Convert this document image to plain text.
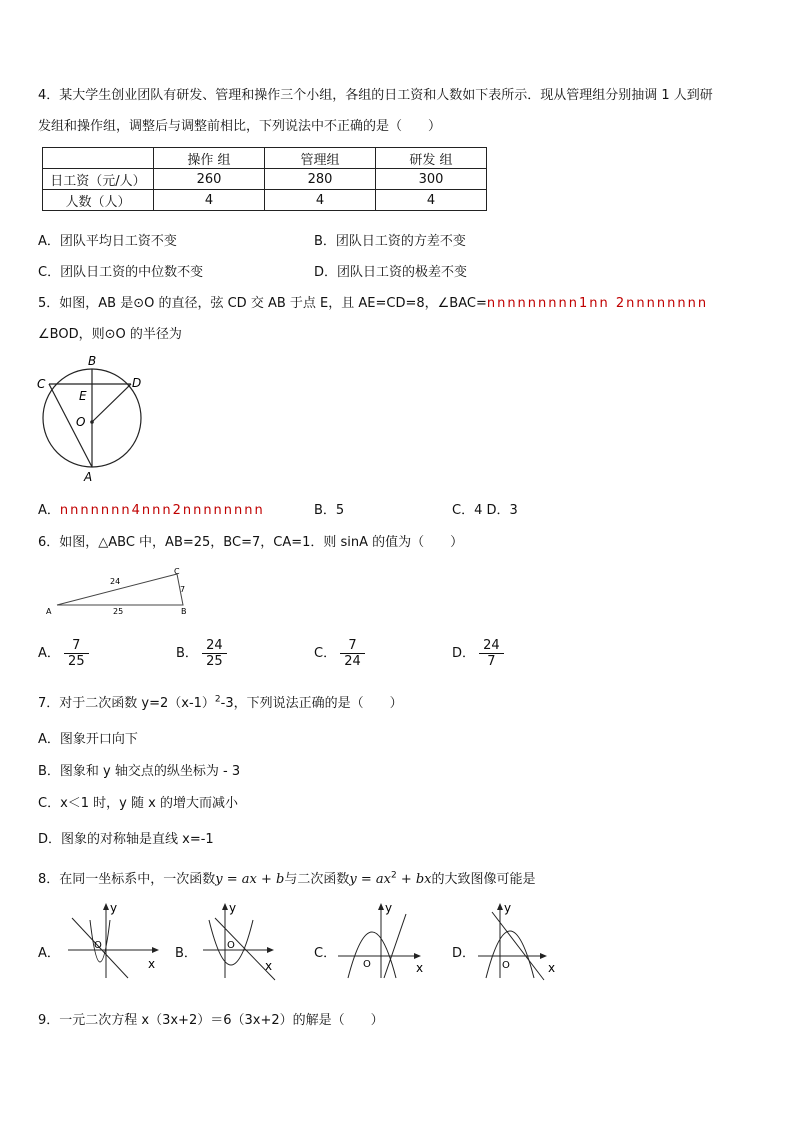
4．某大学生创业团队有研发、管理和操作三个小组，各组的日工资和人数如下表所示．现从管理组分别抽调 1 人到研
发组和操作组，调整后与调整前相比，下列说法中不正确的是（　　）
	操作 组	管理组	研发 组
日工资（元/人）	260	280	300
人数（人）	4	4	4
A．团队平均日工资不变	B．团队日工资的方差不变
C．团队日工资的中位数不变	D．团队日工资的极差不变
5．如图，AB 是⊙O 的直径，弦 CD 交 AB 于点 E，且 AE=CD=8，∠BAC=nnnnnnnnn1nn 2nnnnnnnn
∠BOD，则⊙O 的半径为
B
C	D
E
O
A
A．nnnnnnn4nnn2nnnnnnnn	B．5	C．4 D．3
6．如图，△ABC 中，AB=25，BC=7，CA=1．则 sinA 的值为（　　）
A	B
C
25
7
24
A． $\frac{7}{25}$	B． $\frac{24}{25}$	C． $\frac{7}{24}$	D． $\frac{24}{7}$
7．对于二次函数 $y=2(x-1)^2-3$，下列说法正确的是（　　）
A．图象开口向下
B．图象和 y 轴交点的纵坐标为 - 3
C．x＜1 时，y 随 x 的增大而减小
D．图象的对称轴是直线 x=-1
8．在同一坐标系中，一次函数y = ax + b与二次函数$y = ax^2$ + bx的大致图像可能是
A．
y
x
O
B．
y
x
O
C．
y
x
O
D．
y
x
O
9．一元二次方程 x（3x+2）＝6（3x+2）的解是（　　）
